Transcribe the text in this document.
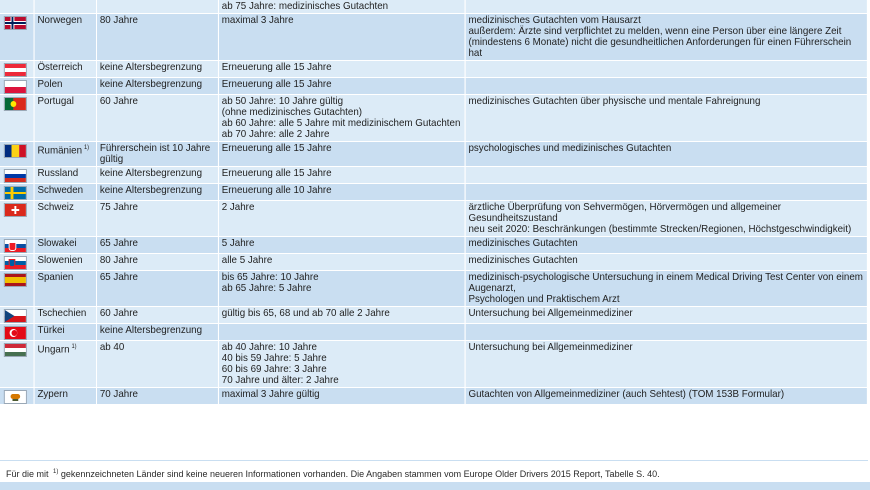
			ab 75 Jahre: medizinisches Gutachten	

	Norwegen	80 Jahre	maximal 3 Jahre	medizinisches Gutachten vom Hausarzt
außerdem: Ärzte sind verpflichtet zu melden, wenn eine Person über eine längere Zeit
(mindestens 6 Monate) nicht die gesundheitlichen Anforderungen für einen Führerschein hat

	Österreich	keine Altersbegrenzung	Erneuerung alle 15 Jahre	

	Polen	keine Altersbegrenzung	Erneuerung alle 15 Jahre	

	Portugal	60 Jahre	ab 50 Jahre: 10 Jahre gültig
(ohne medizinisches Gutachten)
ab 60 Jahre: alle 5 Jahre mit medizinischem Gutachten
ab 70 Jahre: alle 2 Jahre	medizinisches Gutachten über physische und mentale Fahreignung

	Rumänien $^{1)}$	Führerschein ist 10 Jahre
gültig	Erneuerung alle 15 Jahre	psychologisches und medizinisches Gutachten

	Russland	keine Altersbegrenzung	Erneuerung alle 15 Jahre	

	Schweden	keine Altersbegrenzung	Erneuerung alle 10 Jahre	

	Schweiz	75 Jahre	2 Jahre	ärztliche Überprüfung von Sehvermögen, Hörvermögen und allgemeiner Gesundheitszustand
neu seit 2020: Beschränkungen (bestimmte Strecken/Regionen, Höchstgeschwindigkeit)

	Slowakei	65 Jahre	5 Jahre	medizinisches Gutachten

	Slowenien	80 Jahre	alle 5 Jahre	medizinisches Gutachten

	Spanien	65 Jahre	bis 65 Jahre: 10 Jahre
ab 65 Jahre: 5 Jahre	medizinisch-psychologische Untersuchung in einem Medical Driving Test Center von einem Augenarzt,
Psychologen und Praktischem Arzt

	Tschechien	60 Jahre	gültig bis 65, 68 und ab 70 alle 2 Jahre	Untersuchung bei Allgemeinmediziner

	Türkei	keine Altersbegrenzung		

	Ungarn $^{1)}$	ab 40	ab 40 Jahre: 10 Jahre
40 bis 59 Jahre: 5 Jahre
60 bis 69 Jahre: 3 Jahre
70 Jahre und älter: 2 Jahre	Untersuchung bei Allgemeinmediziner

	Zypern	70 Jahre	maximal 3 Jahre gültig	Gutachten von Allgemeinmediziner (auch Sehtest) (TOM 153B Formular)
Für die mit $^{1)}$ gekennzeichneten Länder sind keine neueren Informationen vorhanden. Die Angaben stammen vom Europe Older Drivers 2015 Report, Tabelle S. 40.
